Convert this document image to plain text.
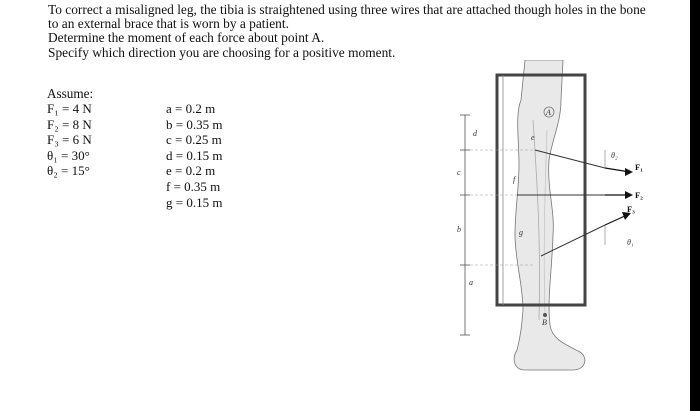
To correct a misaligned leg, the tibia is straightened using three wires that are attached though holes in the bone

to an external brace that is worn by a patient.

Determine the moment of each force about point A.

Specify which direction you are choosing for a positive moment.

Assume:
F₁ = 4 N
F₂ = 8 N
F₃ = 6 N
θ₁ = 30°
θ₂ = 15°
a = 0.2 m
b = 0.35 m
c = 0.25 m
d = 0.15 m
e = 0.2 m
f = 0.35 m
g = 0.15 m
A
B
F₁
F₂
F₃
θ₂
θ₁
d
c
b
a
e
f
g
